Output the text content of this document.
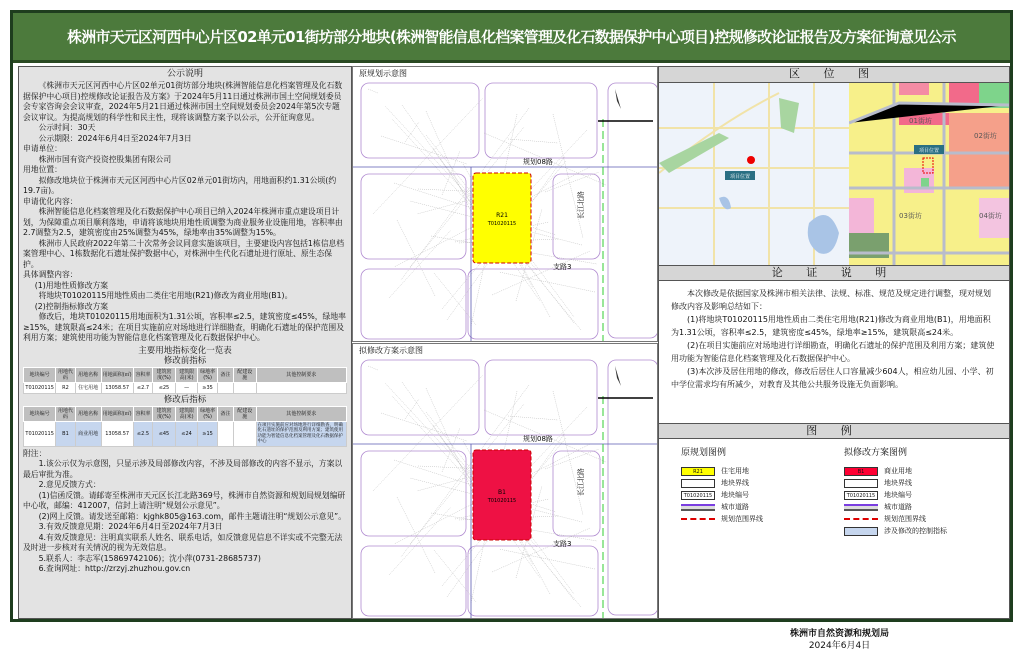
株洲市天元区河西中心片区02单元01街坊部分地块(株洲智能信息化档案管理及化石数据保护中心项目)控规修改论证报告及方案征询意见公示
公示说明

《株洲市天元区河西中心片区02单元01街坊部分地块(株洲智能信息化档案管理及化石数据保护中心项目)控规修改论证报告及方案》于2024年5月11日通过株洲市国土空间规划委员会专家咨询会会议审查，2024年5月21日通过株洲市国土空间规划委员会2024年第5次专题会议审议。为提高规划的科学性和民主性，现将该调整方案予以公示，公开征询意见。

公示时间：30天

公示期限：2024年6月4日至2024年7月3日

申请单位：

株洲市国有资产投资控股集团有限公司

用地位置：

拟修改地块位于株洲市天元区河西中心片区02单元01街坊内，用地面积约1.31公顷(约19.7亩)。

申请优化内容：

株洲智能信息化档案管理及化石数据保护中心项目已纳入2024年株洲市重点建设项目计划，为保障重点项目顺利落地，申请将该地块用地性质调整为商业服务业设施用地，容积率由2.7调整为2.5，建筑密度由25%调整为45%，绿地率由35%调整为15%。

株洲市人民政府2022年第二十次常务会议同意实施该项目，主要建设内容包括1栋信息档案管理中心、1栋数据化石遗址保护数据中心，对株洲中生代化石遗址进行原址、原生态保护。

具体调整内容：

(1)用地性质修改方案

将地块T01020115用地性质由二类住宅用地(R21)修改为商业用地(B1)。

(2)控制指标修改方案

修改后，地块T01020115用地面积为1.31公顷，容积率≤2.5，建筑密度≤45%，绿地率≥15%，建筑限高≤24米；在项目实施前应对场地进行详细勘查，明确化石遗址的保护范围及利用方案；建筑使用功能为智能信息化档案管理及化石数据保护中心。

主要用地指标变化一览表
修改前指标
地块编号	用地代码	用地名称	用地面积(㎡)	容积率	建筑密度(%)	建筑限高(米)	绿地率(%)	备注	配建设施	其他控制要求
T01020115	R2	住宅用地	13058.57	≤2.7	≤25	—	≥35			
修改后指标
地块编号	用地代码	用地名称	用地面积(㎡)	容积率	建筑密度(%)	建筑限高(米)	绿地率(%)	备注	配建设施	其他控制要求
T01020115	B1	商业用地	13058.57	≤2.5	≤45	≤24	≥15			在项目实施前应对场地进行详细勘查，明确化石遗址的保护范围及利用方案；建筑使用功能为智能信息化档案管理及化石数据保护中心

附注：

1.该公示仅为示意图，只显示涉及局部修改内容，不涉及局部修改的内容不显示，方案以最后审批为准。

2.意见反馈方式：

(1)信函反馈。请邮寄至株洲市天元区长江北路369号，株洲市自然资源和规划局规划编研中心收，邮编：412007，信封上请注明“规划公示意见”。

(2)网上反馈。请发送至邮箱：kjghk805@163.com，邮件主题请注明“规划公示意见”。

3.有效反馈意见期：2024年6月4日至2024年7月3日

4.有效反馈意见：注明真实联系人姓名、联系电话，如反馈意见信息不详实或不完整无法及时进一步核对有关情况的视为无效信息。

5.联系人：李志军(15869742106)；沈小萍(0731-28685737)

6.查询网址：http://zrzyj.zhuzhou.gov.cn

原规划示意图
R21
T01020115
规划08路
长江北路
支路3
拟修改方案示意图
B1
T01020115
规划08路
长江北路
支路3
区 位 图
项目位置
项目位置
01街坊
02街坊
03街坊	04街坊
论 证 说 明

本次修改是依据国家及株洲市相关法律、法规、标准、规范及规定进行调整，现对规划修改内容及影响总结如下：

(1)将地块T01020115用地性质由二类住宅用地(R21)修改为商业用地(B1)，用地面积为1.31公顷，容积率≤2.5，建筑密度≤45%，绿地率≥15%，建筑限高≤24米。

(2)在项目实施前应对场地进行详细勘查，明确化石遗址的保护范围及利用方案；建筑使用功能为智能信息化档案管理及化石数据保护中心。

(3)本次涉及居住用地的修改，修改后居住人口容量减少604人，相应幼儿园、小学、初中学位需求均有所减少，对教育及其他公共服务设施无负面影响。

图 例
原规划图例
R21	住宅用地
地块界线
T01020115	地块编号
城市道路
规划范围界线
拟修改方案图例
B1	商业用地
地块界线
T01020115	地块编号
城市道路
规划范围界线
涉及修改的控制指标
株洲市自然资源和规划局
2024年6月4日
